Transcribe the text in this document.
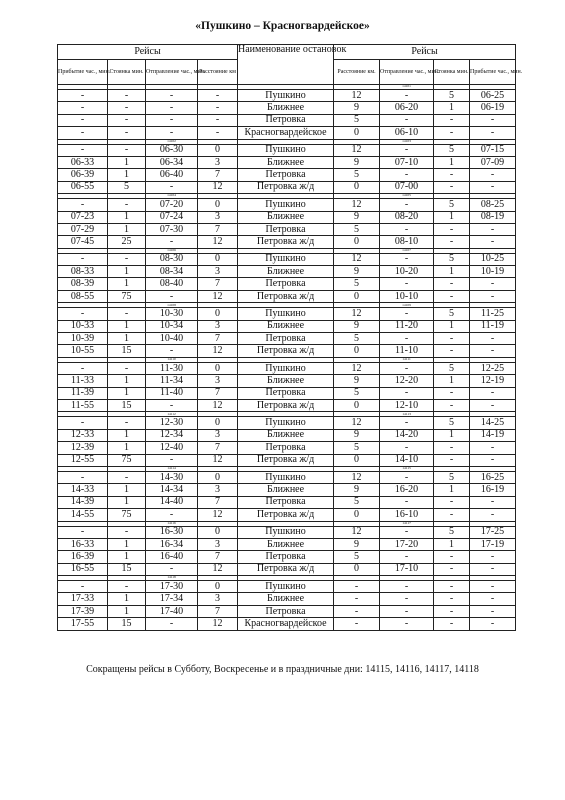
«Пушкино – Красногвардейское»
Рейсы				Наименование остановок	Рейсы			
Прибытие час., мин.	Стоянка мин.	Отправление час., мин.	Расстояние км		Расстояние км.	Отправление час., мин.	Стоянка мин.	Прибытие час., мин.
						14101		
-	-	-	-	Пушкино	12	-	5	06-25
-	-	-	-	Ближнее	9	06-20	1	06-19
-	-	-	-	Петровка	5	-	-	-
-	-	-	-	Красногвардейское	0	06-10	-	-
		14102				14103		
-	-	06-30	0	Пушкино	12	-	5	07-15
06-33	1	06-34	3	Ближнее	9	07-10	1	07-09
06-39	1	06-40	7	Петровка	5	-	-	-
06-55	5	-	12	Петровка ж/д	0	07-00	-	-
		14104				14105		
-	-	07-20	0	Пушкино	12	-	5	08-25
07-23	1	07-24	3	Ближнее	9	08-20	1	08-19
07-29	1	07-30	7	Петровка	5	-	-	-
07-45	25	-	12	Петровка ж/д	0	08-10	-	-
		14106				14107		
-	-	08-30	0	Пушкино	12	-	5	10-25
08-33	1	08-34	3	Ближнее	9	10-20	1	10-19
08-39	1	08-40	7	Петровка	5	-	-	-
08-55	75	-	12	Петровка ж/д	0	10-10	-	-
		14108				14109		
-	-	10-30	0	Пушкино	12	-	5	11-25
10-33	1	10-34	3	Ближнее	9	11-20	1	11-19
10-39	1	10-40	7	Петровка	5	-	-	-
10-55	15	-	12	Петровка ж/д	0	11-10	-	-
		14110				14111		
-	-	11-30	0	Пушкино	12	-	5	12-25
11-33	1	11-34	3	Ближнее	9	12-20	1	12-19
11-39	1	11-40	7	Петровка	5	-	-	-
11-55	15	-	12	Петровка ж/д	0	12-10	-	-
		14112				14113		
-	-	12-30	0	Пушкино	12	-	5	14-25
12-33	1	12-34	3	Ближнее	9	14-20	1	14-19
12-39	1	12-40	7	Петровка	5	-	-	-
12-55	75	-	12	Петровка ж/д	0	14-10	-	-
		14114				14115		
-	-	14-30	0	Пушкино	12	-	5	16-25
14-33	1	14-34	3	Ближнее	9	16-20	1	16-19
14-39	1	14-40	7	Петровка	5	-	-	-
14-55	75	-	12	Петровка ж/д	0	16-10	-	-
		14116				14117		
-	-	16-30	0	Пушкино	12	-	5	17-25
16-33	1	16-34	3	Ближнее	9	17-20	1	17-19
16-39	1	16-40	7	Петровка	5	-	-	-
16-55	15	-	12	Петровка ж/д	0	17-10	-	-
		14118						
-	-	17-30	0	Пушкино	-	-	-	-
17-33	1	17-34	3	Ближнее	-	-	-	-
17-39	1	17-40	7	Петровка	-	-	-	-
17-55	15	-	12	Красногвардейское	-	-	-	-
Сокращены рейсы в Субботу, Воскресенье и в праздничные дни: 14115, 14116, 14117, 14118
